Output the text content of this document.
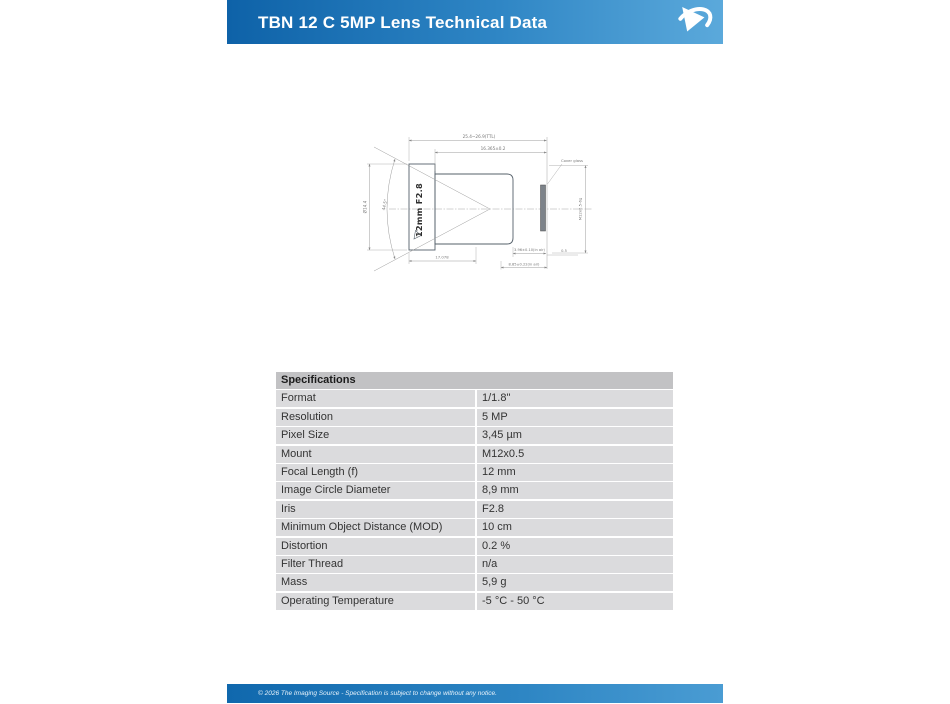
TBN 12 C 5MP Lens Technical Data
44.5°
Cover glass
12mm F2.8
25.4~26.9(TTL)
16.365±0.2
Ø14.4
17.078
3.96±0.10(in air)
8.85±0.22(in air)
0.5
M12x0.5-6g
Specifications
Format	1/1.8"
Resolution	5 MP
Pixel Size	3,45 µm
Mount	M12x0.5
Focal Length (f)	12 mm
Image Circle Diameter	8,9 mm
Iris	F2.8
Minimum Object Distance (MOD)	10 cm
Distortion	0.2 %
Filter Thread	n/a
Mass	5,9 g
Operating Temperature	-5 °C - 50 °C
© 2026 The Imaging Source - Specification is subject to change without any notice.
